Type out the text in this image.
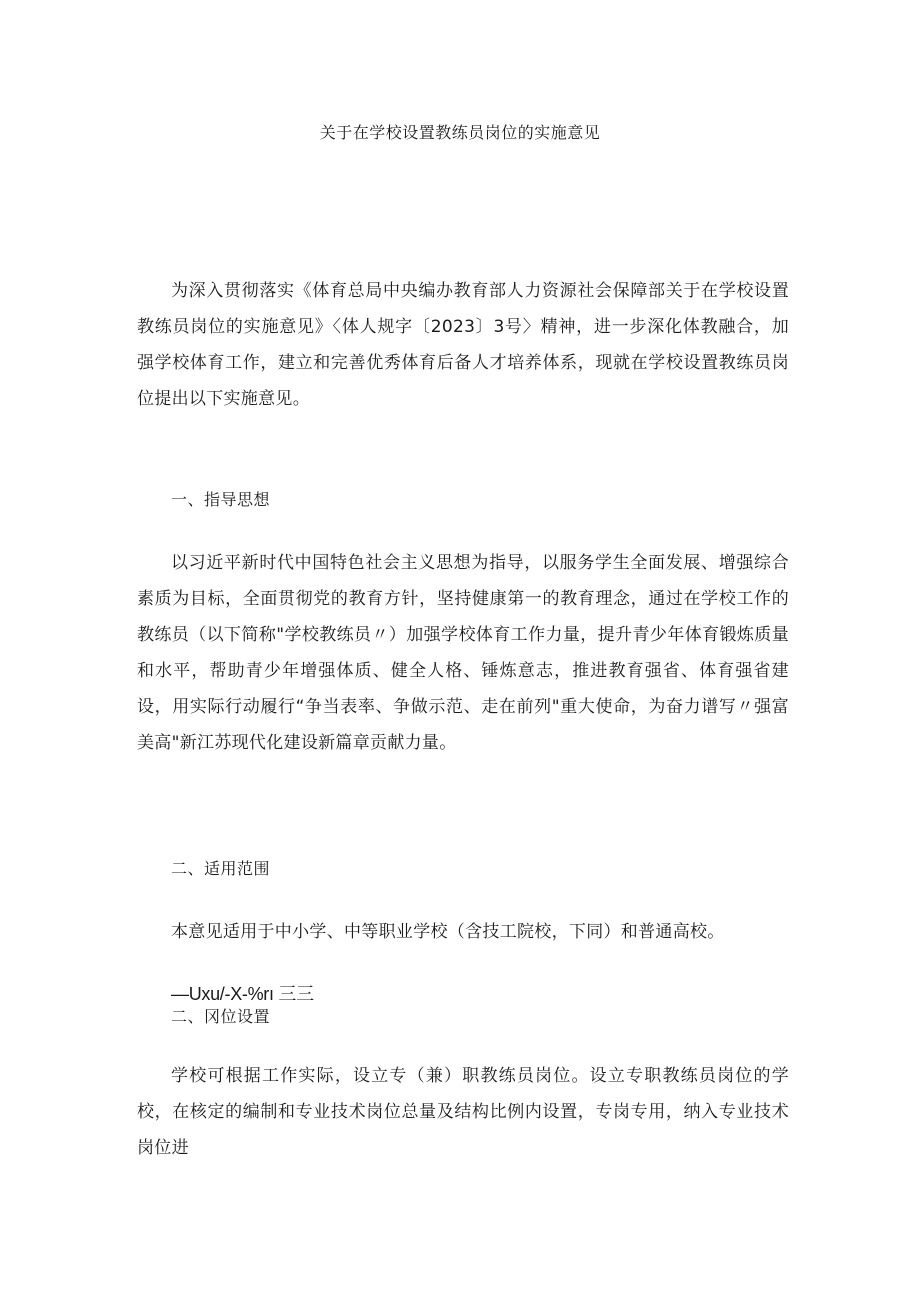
关于在学校设置教练员岗位的实施意见

为深入贯彻落实《体育总局中央编办教育部人力资源社会保障部关于在学校设置教练员岗位的实施意见》〈体人规字〔2023〕3号〉精神，进一步深化体教融合，加强学校体育工作，建立和完善优秀体育后备人才培养体系，现就在学校设置教练员岗位提出以下实施意见。

一、指导思想

以习近平新时代中国特色社会主义思想为指导，以服务学生全面发展、增强综合素质为目标，全面贯彻党的教育方针，坚持健康第一的教育理念，通过在学校工作的教练员（以下简称"学校教练员〃）加强学校体育工作力量，提升青少年体育锻炼质量和水平，帮助青少年增强体质、健全人格、锤炼意志，推进教育强省、体育强省建设，用实际行动履行“争当表率、争做示范、走在前列"重大使命，为奋力谱写〃强富美高"新江苏现代化建设新篇章贡献力量。

二、适用范围
本意见适用于中小学、中等职业学校（含技工院校，下同）和普通高校。
—Uxu/-X-%rı 三三
二、冈位设置

学校可根据工作实际，设立专（兼）职教练员岗位。设立专职教练员岗位的学校，在核定的编制和专业技术岗位总量及结构比例内设置，专岗专用，纳入专业技术岗位进
